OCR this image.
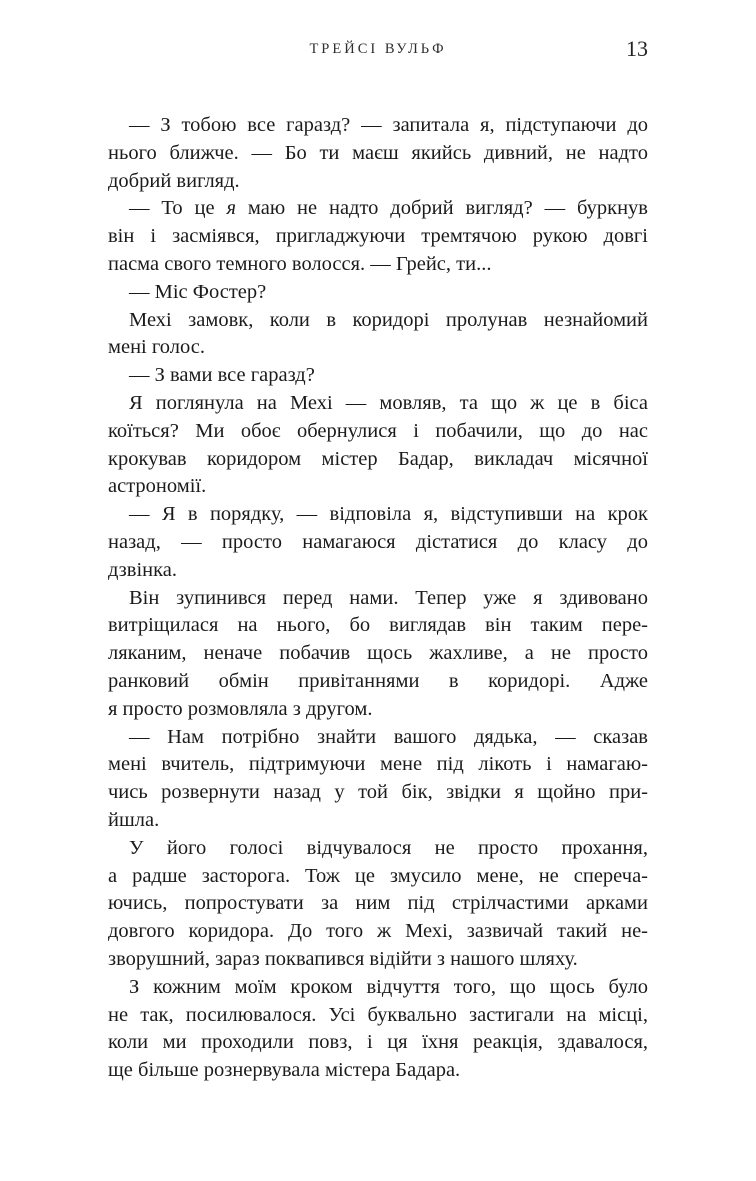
ТРЕЙСІ ВУЛЬФ	13
— З тобою все гаразд? — запитала я, підступаючи до
нього ближче. — Бо ти маєш якийсь дивний, не надто
добрий вигляд.
— То це я маю не надто добрий вигляд? — буркнув
він і засміявся, пригладжуючи тремтячою рукою довгі
пасма свого темного волосся. — Грейс, ти...
— Міс Фостер?
Мехі замовк, коли в коридорі пролунав незнайомий
мені голос.
— З вами все гаразд?
Я поглянула на Мехі — мовляв, та що ж це в біса
коїться? Ми обоє обернулися і побачили, що до нас
крокував коридором містер Бадар, викладач місячної
астрономії.
— Я в порядку, — відповіла я, відступивши на крок
назад, — просто намагаюся дістатися до класу до
дзвінка.
Він зупинився перед нами. Тепер уже я здивовано
витріщилася на нього, бо виглядав він таким пере-
ляканим, неначе побачив щось жахливе, а не просто
ранковий обмін привітаннями в коридорі. Адже
я просто розмовляла з другом.
— Нам потрібно знайти вашого дядька, — сказав
мені вчитель, підтримуючи мене під лікоть і намагаю-
чись розвернути назад у той бік, звідки я щойно при-
йшла.
У його голосі відчувалося не просто прохання,
а радше засторога. Тож це змусило мене, не спереча-
ючись, попростувати за ним під стрілчастими арками
довгого коридора. До того ж Мехі, зазвичай такий не-
зворушний, зараз поквапився відійти з нашого шляху.
З кожним моїм кроком відчуття того, що щось було
не так, посилювалося. Усі буквально застигали на місці,
коли ми проходили повз, і ця їхня реакція, здавалося,
ще більше рознервувала містера Бадара.
